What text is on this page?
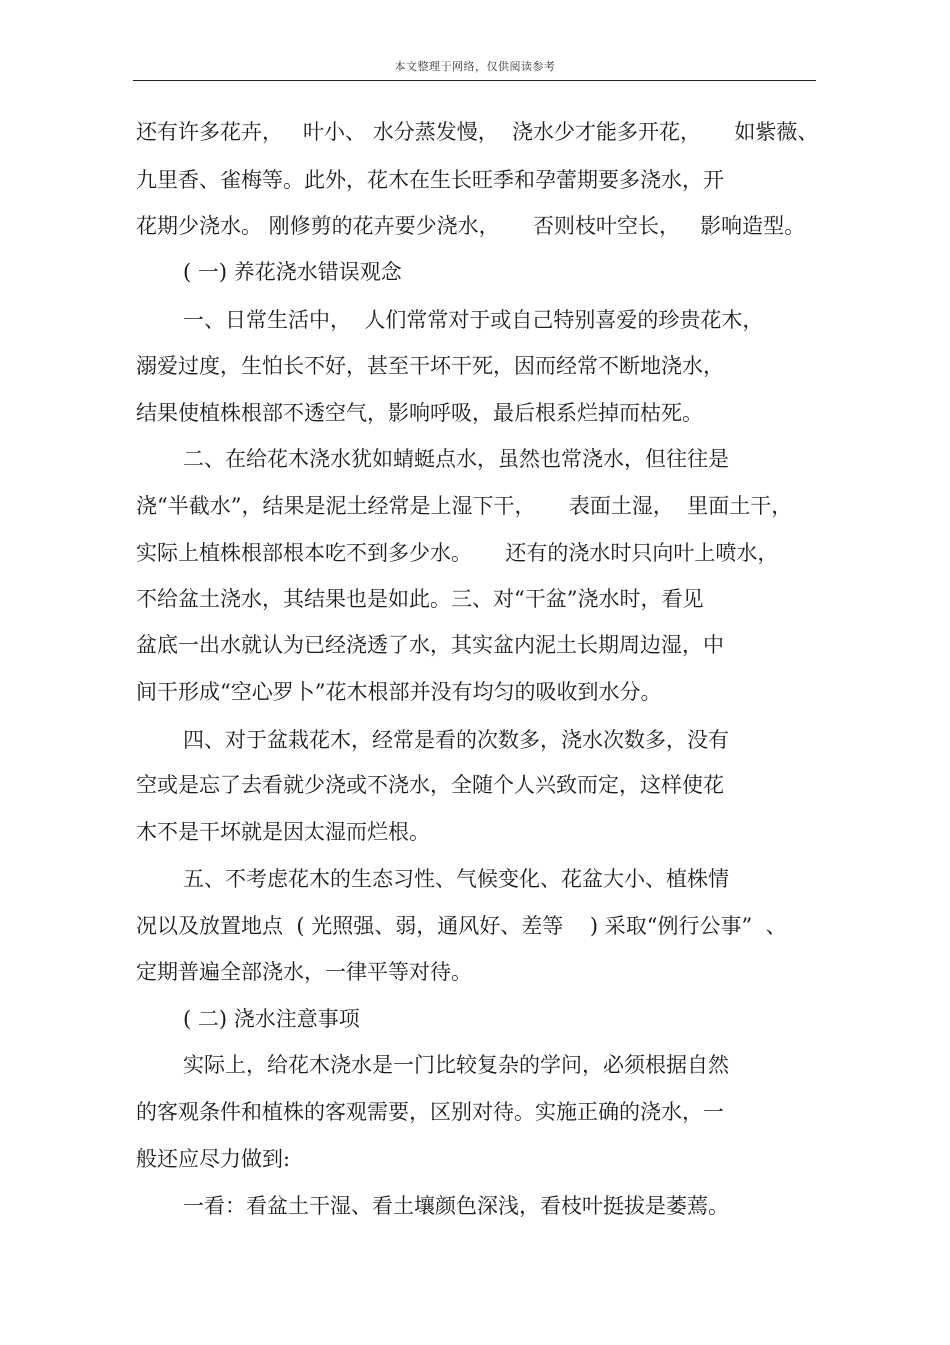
本文整理于网络，仅供阅读参考
还有许多花卉，   叶小、 水分蒸发慢，  浇水少才能多开花，     如紫薇、
九里香、雀梅等。此外，花木在生长旺季和孕蕾期要多浇水，开
花期少浇水。 刚修剪的花卉要少浇水，     否则枝叶空长，   影响造型。
( 一) 养花浇水错误观念
一、日常生活中，  人们常常对于或自己特别喜爱的珍贵花木，
溺爱过度，生怕长不好，甚至干坏干死，因而经常不断地浇水，
结果使植株根部不透空气，影响呼吸，最后根系烂掉而枯死。
二、在给花木浇水犹如蜻蜓点水，虽然也常浇水，但往往是
浇“半截水”，结果是泥土经常是上湿下干，     表面土湿，  里面土干，
实际上植株根部根本吃不到多少水。     还有的浇水时只向叶上喷水，
不给盆土浇水，其结果也是如此。三、对“干盆”浇水时，看见
盆底一出水就认为已经浇透了水，其实盆内泥土长期周边湿，中
间干形成“空心罗卜”花木根部并没有均匀的吸收到水分。
四、对于盆栽花木，经常是看的次数多，浇水次数多，没有
空或是忘了去看就少浇或不浇水，全随个人兴致而定，这样使花
木不是干坏就是因太湿而烂根。
五、不考虑花木的生态习性、气候变化、花盆大小、植株情
况以及放置地点  ( 光照强、弱，通风好、差等    ) 采取“例行公事”  、
定期普遍全部浇水，一律平等对待。
( 二) 浇水注意事项
实际上，给花木浇水是一门比较复杂的学问，必须根据自然
的客观条件和植株的客观需要，区别对待。实施正确的浇水，一
般还应尽力做到:
一看：看盆土干湿、看土壤颜色深浅，看枝叶挺拔是萎蔫。
